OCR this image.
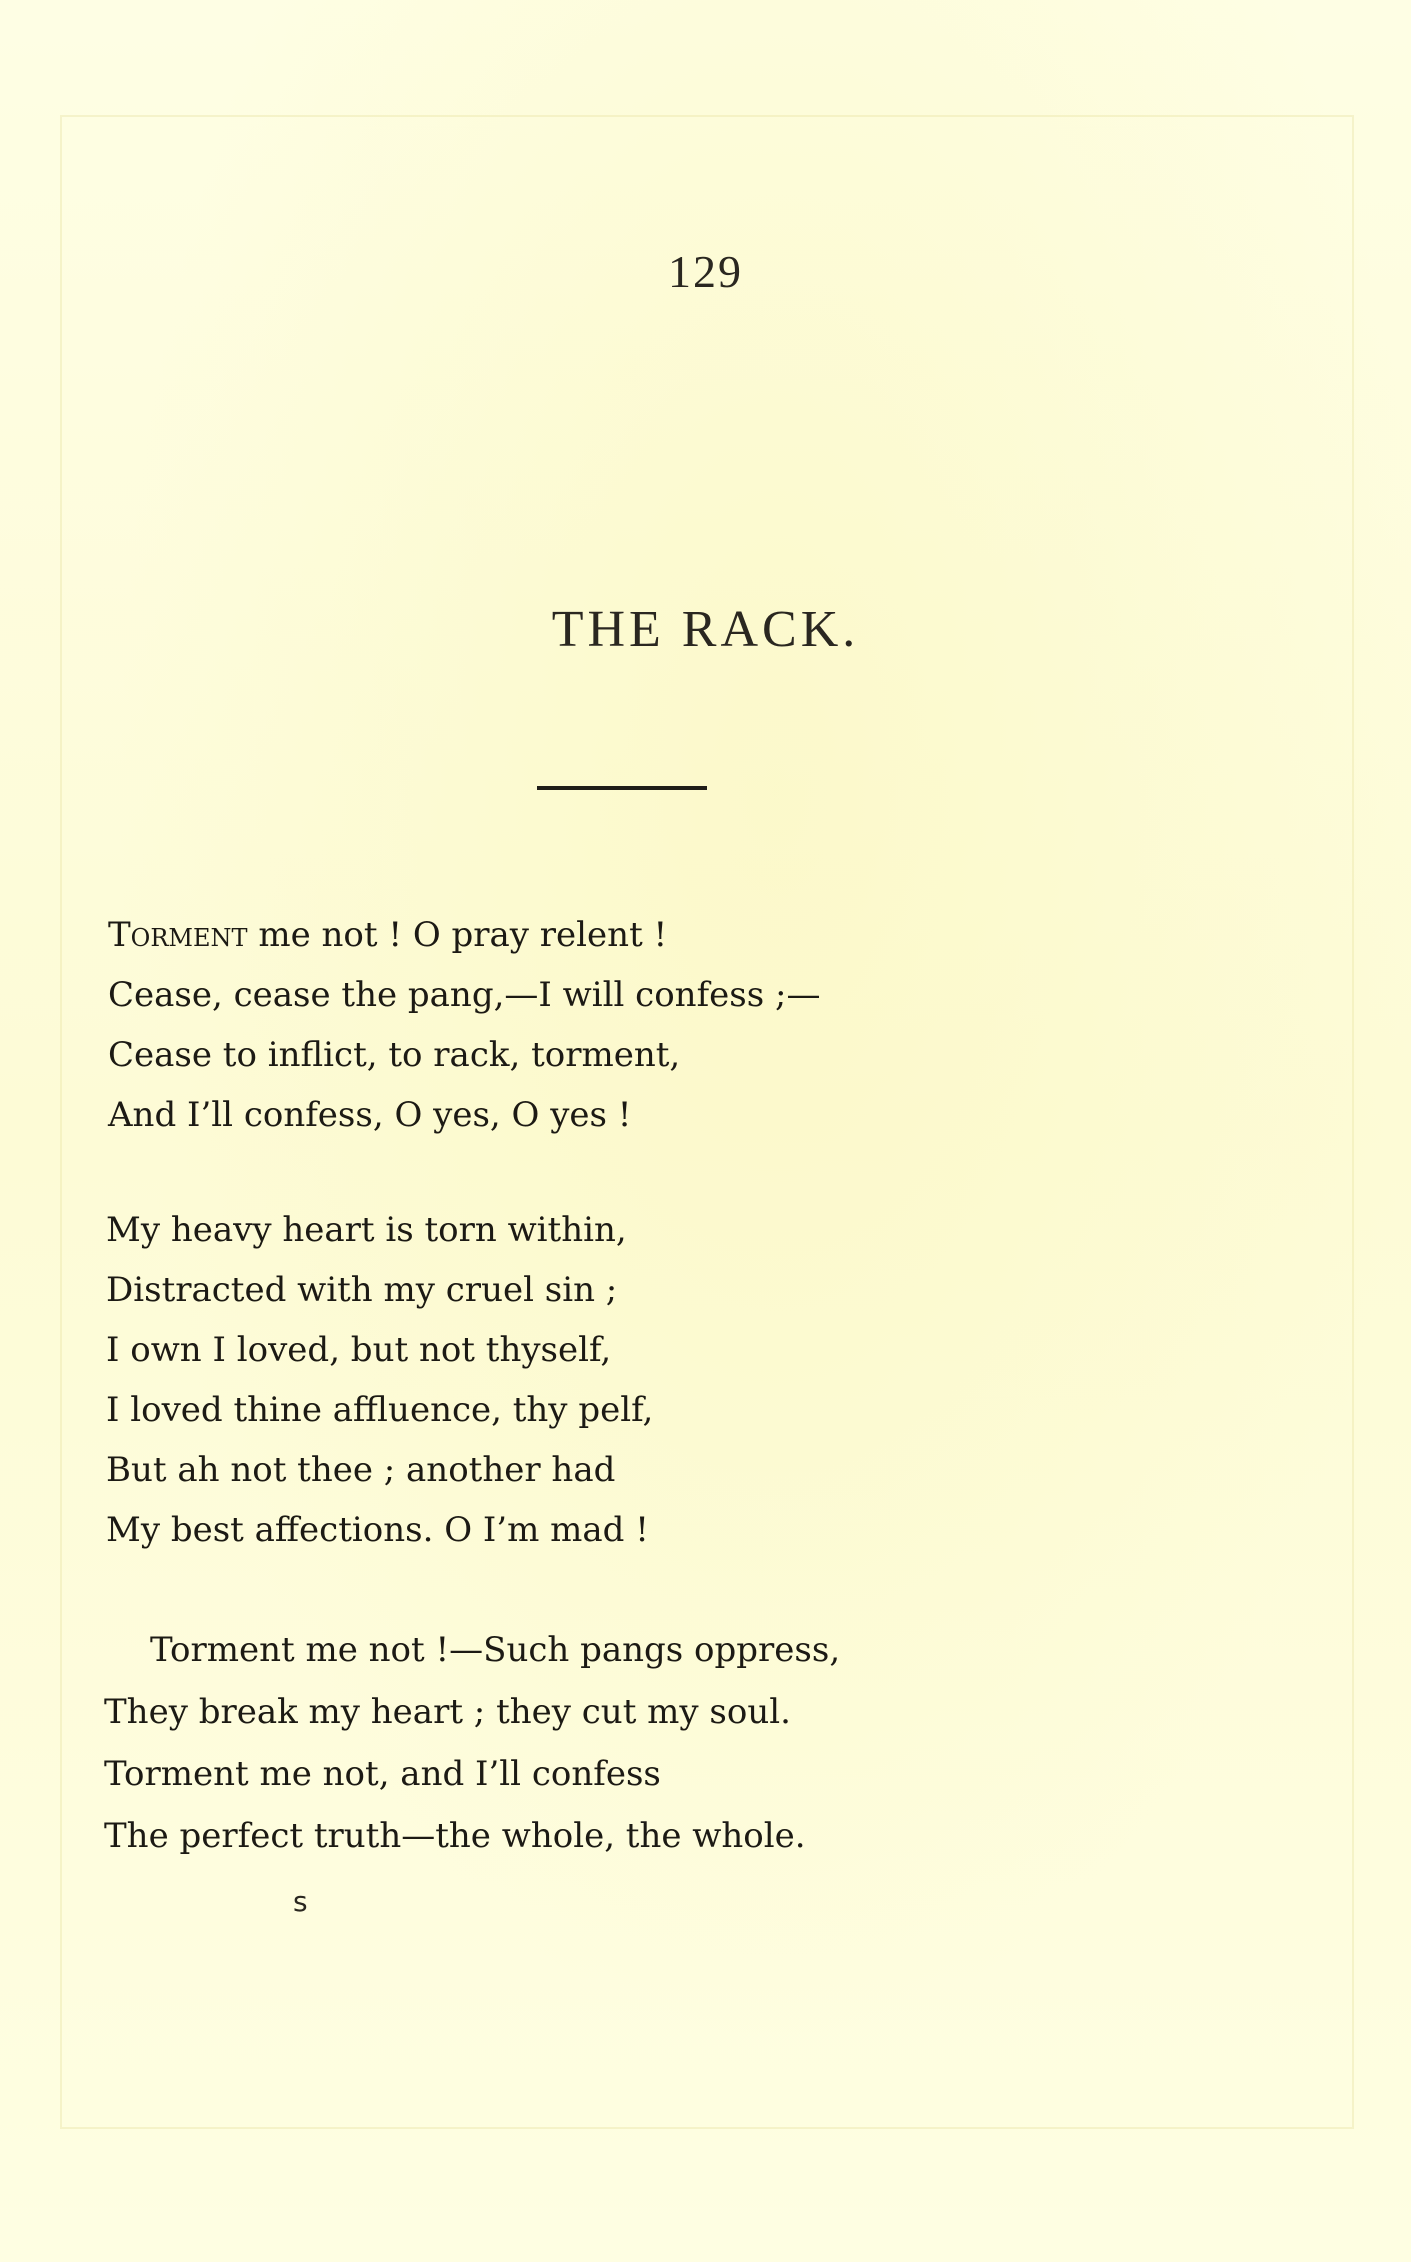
129
THE RACK.
Torment me not ! O pray relent !
Cease, cease the pang,—I will confess ;—
Cease to inflict, to rack, torment,
And I’ll confess, O yes, O yes !
My heavy heart is torn within,
Distracted with my cruel sin ;
I own I loved, but not thyself,
I loved thine affluence, thy pelf,
But ah not thee ; another had
My best affections. O I’m mad !
Torment me not !—Such pangs oppress,
They break my heart ; they cut my soul.
Torment me not, and I’ll confess
The perfect truth—the whole, the whole.
s
